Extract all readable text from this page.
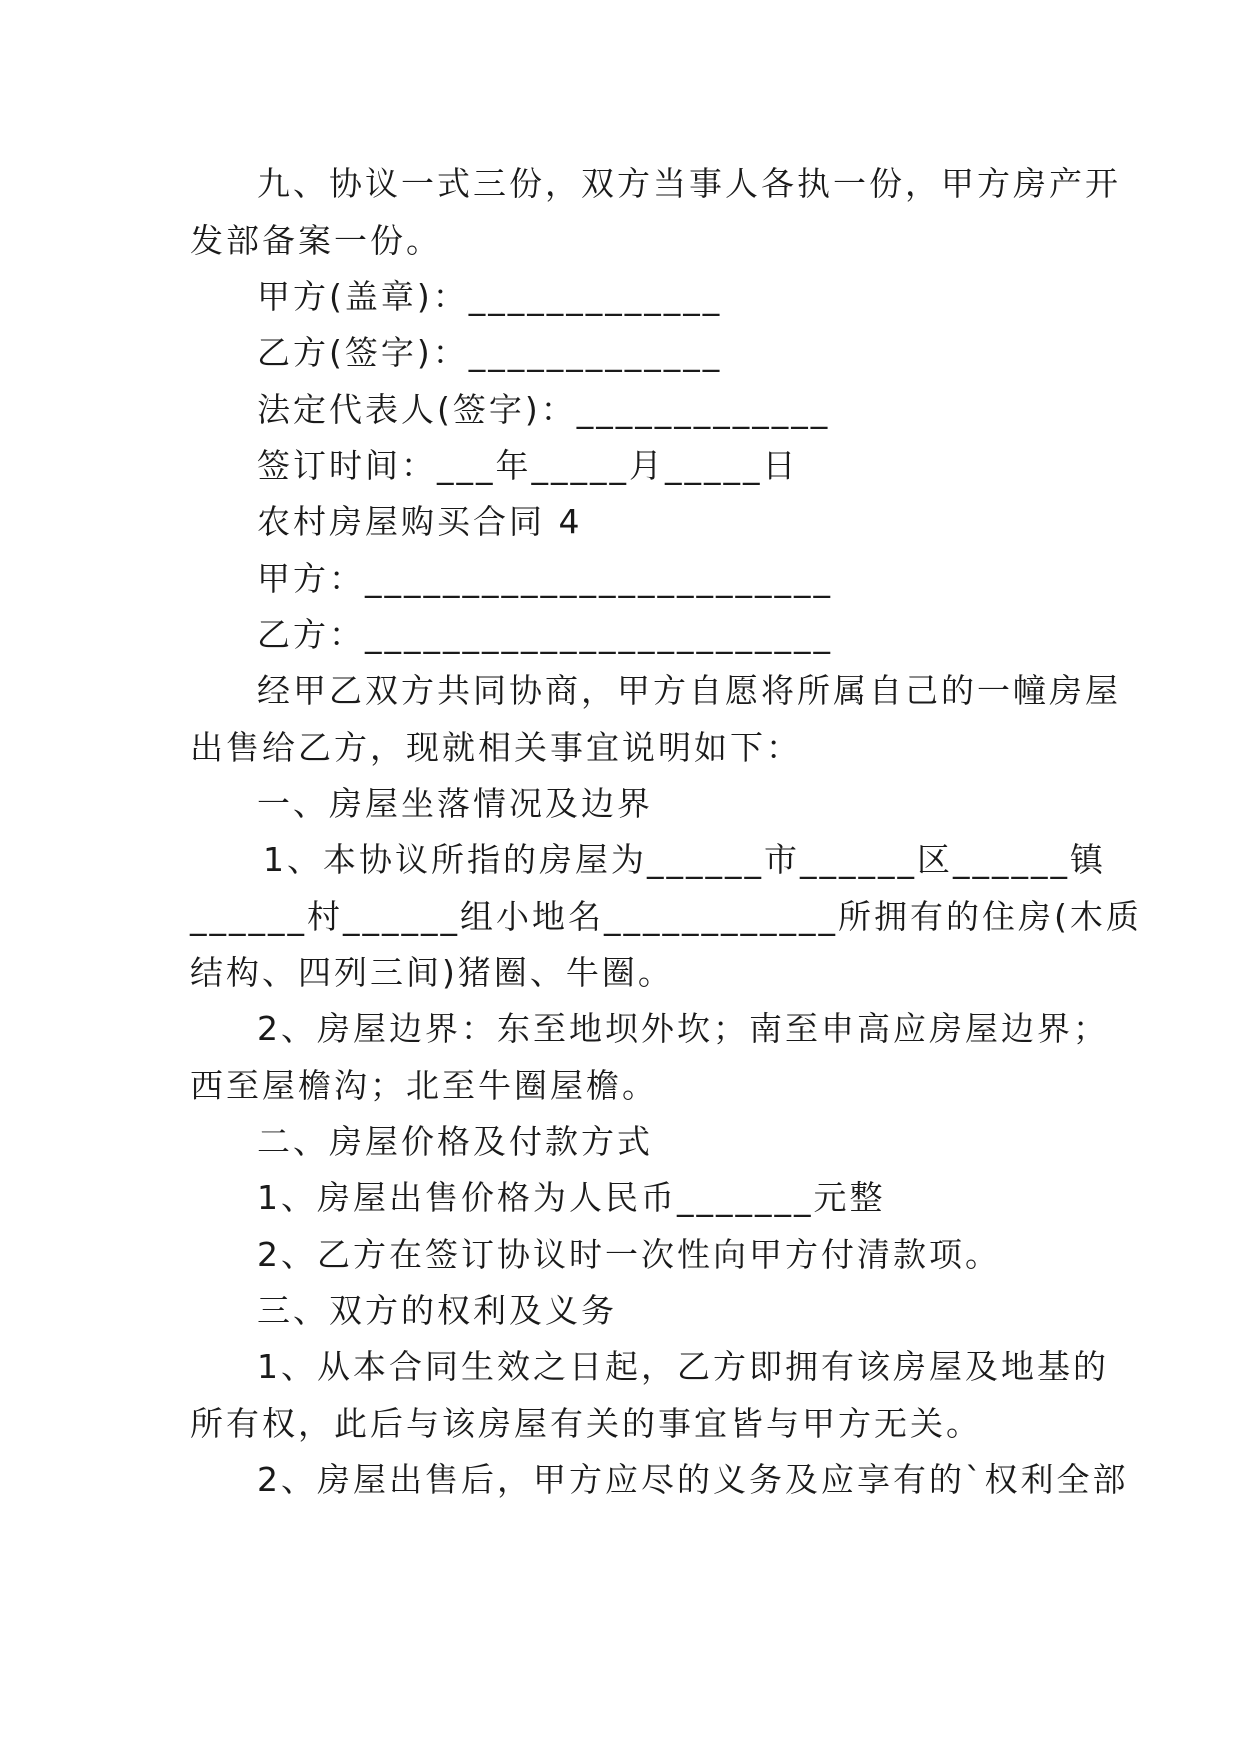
九、协议一式三份，双方当事人各执一份，甲方房产开
发部备案一份。
甲方(盖章)：_____________
乙方(签字)：_____________
法定代表人(签字)：_____________
签订时间：___年_____月_____日
农村房屋购买合同 4
甲方：________________________
乙方：________________________
经甲乙双方共同协商，甲方自愿将所属自己的一幢房屋
出售给乙方，现就相关事宜说明如下：
一、房屋坐落情况及边界
1、本协议所指的房屋为______市______区______镇
______村______组小地名____________所拥有的住房(木质
结构、四列三间)猪圈、牛圈。
2、房屋边界：东至地坝外坎；南至申高应房屋边界；
西至屋檐沟；北至牛圈屋檐。
二、房屋价格及付款方式
1、房屋出售价格为人民币_______元整
2、乙方在签订协议时一次性向甲方付清款项。
三、双方的权利及义务
1、从本合同生效之日起，乙方即拥有该房屋及地基的
所有权，此后与该房屋有关的事宜皆与甲方无关。
2、房屋出售后，甲方应尽的义务及应享有的`权利全部
